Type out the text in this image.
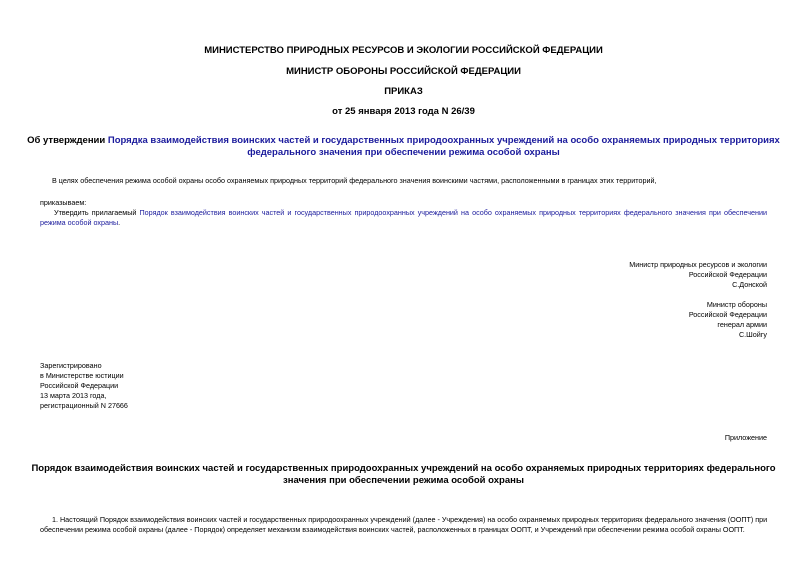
МИНИСТЕРСТВО ПРИРОДНЫХ РЕСУРСОВ И ЭКОЛОГИИ РОССИЙСКОЙ ФЕДЕРАЦИИ
МИНИСТР ОБОРОНЫ РОССИЙСКОЙ ФЕДЕРАЦИИ
ПРИКАЗ
от 25 января 2013 года N 26/39
Об утверждении Порядка взаимодействия воинских частей и государственных природоохранных учреждений на особо охраняемых природных территориях
федерального значения при обеспечении режима особой охраны
В целях обеспечения режима особой охраны особо охраняемых природных территорий федерального значения воинскими частями, расположенными в границах этих территорий,
приказываем:
Утвердить прилагаемый Порядок взаимодействия воинских частей и государственных природоохранных учреждений на особо охраняемых природных территориях федерального значения при обеспечении режима особой охраны.
Министр природных ресурсов и экологии
Российской Федерации
С.Донской
Министр обороны
Российской Федерации
генерал армии
С.Шойгу
Зарегистрировано
в Министерстве юстиции
Российской Федерации
13 марта 2013 года,
регистрационный N 27666
Приложение
Порядок взаимодействия воинских частей и государственных природоохранных учреждений на особо охраняемых природных территориях федерального
значения при обеспечении режима особой охраны
1. Настоящий Порядок взаимодействия воинских частей и государственных природоохранных учреждений (далее - Учреждения) на особо охраняемых природных территориях федерального значения (ООПТ) при
обеспечении режима особой охраны (далее - Порядок) определяет механизм взаимодействия воинских частей, расположенных в границах ООПТ, и Учреждений при обеспечении режима особой охраны ООПТ.
